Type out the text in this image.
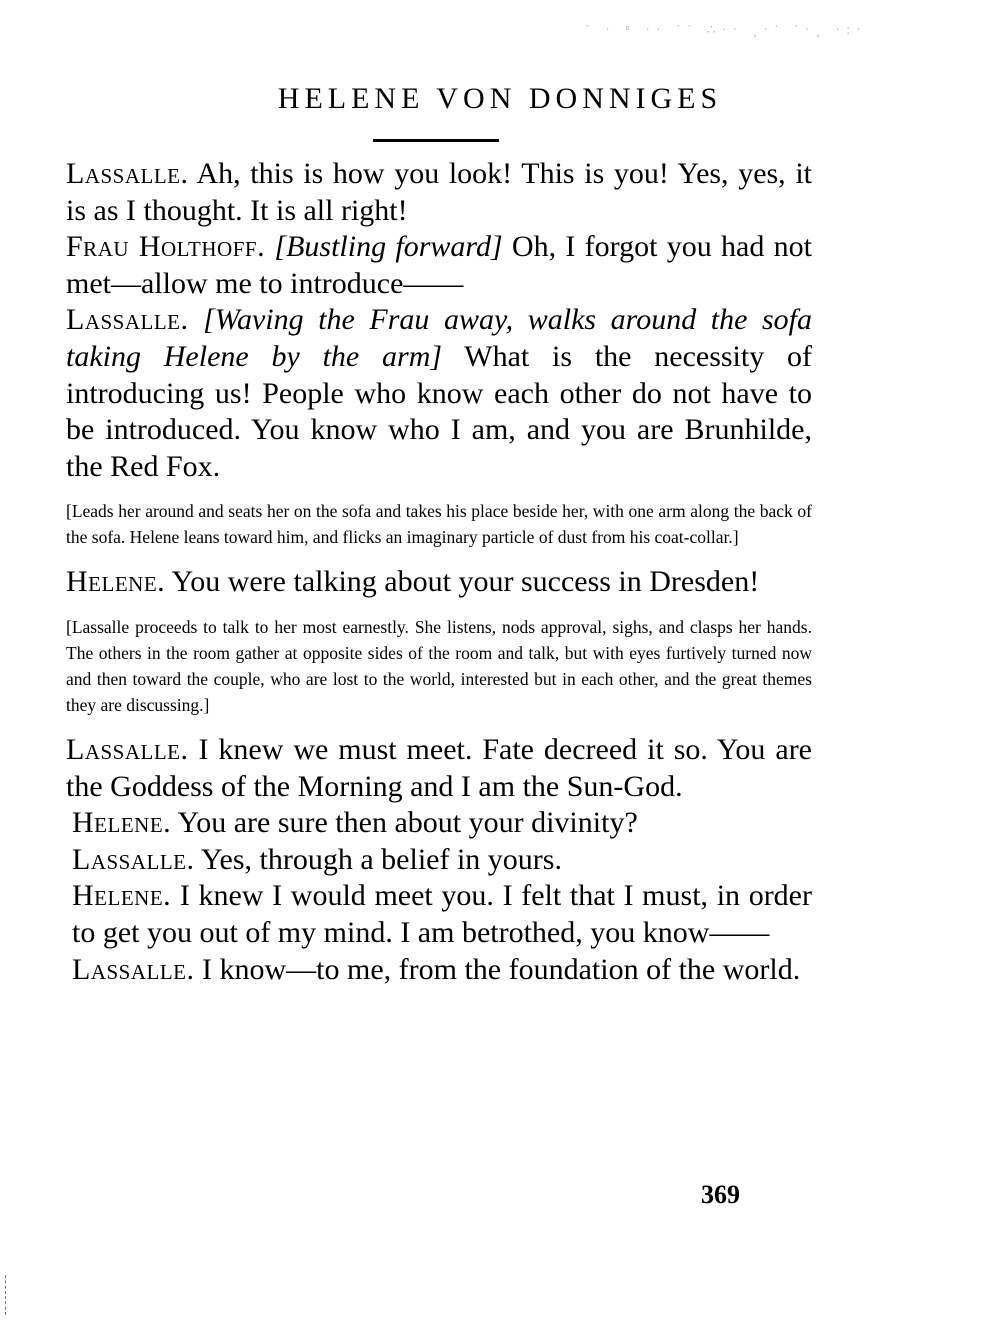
˙ · ⁿ ·· ˙˙ ∴·· ¸·˙ ˙·¸ ·:·
HELENE VON DONNIGES

Lassalle. Ah, this is how you look! This is you! Yes, yes, it is as I thought. It is all right!

Frau Holthoff. [Bustling forward] Oh, I forgot you had not met—allow me to introduce——

Lassalle. [Waving the Frau away, walks around the sofa taking Helene by the arm] What is the necessity of introducing us! People who know each other do not have to be introduced. You know who I am, and you are Brunhilde, the Red Fox.

[Leads her around and seats her on the sofa and takes his place beside her, with one arm along the back of the sofa. Helene leans toward him, and flicks an imaginary particle of dust from his coat-collar.]

Helene. You were talking about your success in Dresden!

[Lassalle proceeds to talk to her most earnestly. She listens, nods approval, sighs, and clasps her hands. The others in the room gather at opposite sides of the room and talk, but with eyes furtively turned now and then toward the couple, who are lost to the world, interested but in each other, and the great themes they are discussing.]

Lassalle. I knew we must meet. Fate decreed it so. You are the Goddess of the Morning and I am the Sun-God.

Helene. You are sure then about your divinity?

Lassalle. Yes, through a belief in yours.

Helene. I knew I would meet you. I felt that I must, in order to get you out of my mind. I am betrothed, you know——

Lassalle. I know—to me, from the foundation of the world.

369
